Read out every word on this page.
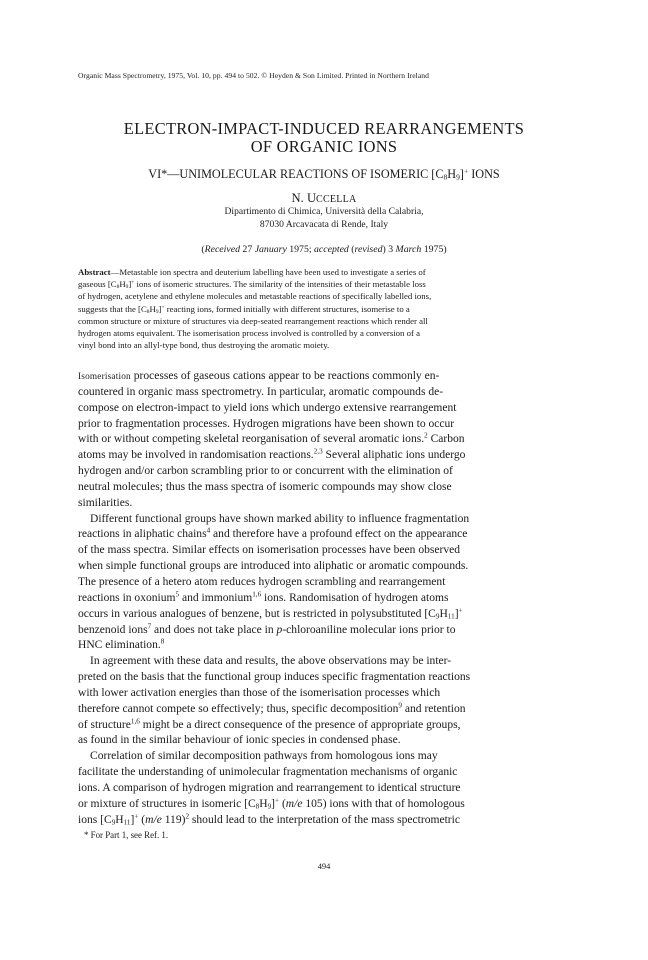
Organic Mass Spectrometry, 1975, Vol. 10, pp. 494 to 502. © Heyden & Son Limited. Printed in Northern Ireland
ELECTRON-IMPACT-INDUCED REARRANGEMENTS
OF ORGANIC IONS
VI*—UNIMOLECULAR REACTIONS OF ISOMERIC $[C_8H_9]^+$ IONS
N. UCCELLA
Dipartimento di Chimica, Università della Calabria,
87030 Arcavacata di Rende, Italy
(Received 27 January 1975; accepted (revised) 3 March 1975)
Abstract—Metastable ion spectra and deuterium labelling have been used to investigate a series of
gaseous $[C_8H_9]^+$ ions of isomeric structures. The similarity of the intensities of their metastable loss
of hydrogen, acetylene and ethylene molecules and metastable reactions of specifically labelled ions,
suggests that the $[C_8H_9]^+$ reacting ions, formed initially with different structures, isomerise to a
common structure or mixture of structures via deep-seated rearrangement reactions which render all
hydrogen atoms equivalent. The isomerisation process involved is controlled by a conversion of a
vinyl bond into an allyl-type bond, thus destroying the aromatic moiety.
Isomerisation processes of gaseous cations appear to be reactions commonly en-
countered in organic mass spectrometry. In particular, aromatic compounds de-
compose on electron-impact to yield ions which undergo extensive rearrangement
prior to fragmentation processes. Hydrogen migrations have been shown to occur
with or without competing skeletal reorganisation of several aromatic ions.$^2$ Carbon
atoms may be involved in randomisation reactions.$^{2,3}$ Several aliphatic ions undergo
hydrogen and/or carbon scrambling prior to or concurrent with the elimination of
neutral molecules; thus the mass spectra of isomeric compounds may show close
similarities.
Different functional groups have shown marked ability to influence fragmentation
reactions in aliphatic chains$^4$ and therefore have a profound effect on the appearance
of the mass spectra. Similar effects on isomerisation processes have been observed
when simple functional groups are introduced into aliphatic or aromatic compounds.
The presence of a hetero atom reduces hydrogen scrambling and rearrangement
reactions in oxonium$^5$ and immonium$^{1,6}$ ions. Randomisation of hydrogen atoms
occurs in various analogues of benzene, but is restricted in polysubstituted $[C_9H_{11}]^+$
benzenoid ions$^7$ and does not take place in p-chloroaniline molecular ions prior to
HNC elimination.$^8$
In agreement with these data and results, the above observations may be inter-
preted on the basis that the functional group induces specific fragmentation reactions
with lower activation energies than those of the isomerisation processes which
therefore cannot compete so effectively; thus, specific decomposition$^9$ and retention
of structure$^{1,6}$ might be a direct consequence of the presence of appropriate groups,
as found in the similar behaviour of ionic species in condensed phase.
Correlation of similar decomposition pathways from homologous ions may
facilitate the understanding of unimolecular fragmentation mechanisms of organic
ions. A comparison of hydrogen migration and rearrangement to identical structure
or mixture of structures in isomeric $[C_8H_9]^+$ (m/e 105) ions with that of homologous
ions $[C_9H_{11}]^+$ (m/e 119)$^2$ should lead to the interpretation of the mass spectrometric
* For Part 1, see Ref. 1.
494
